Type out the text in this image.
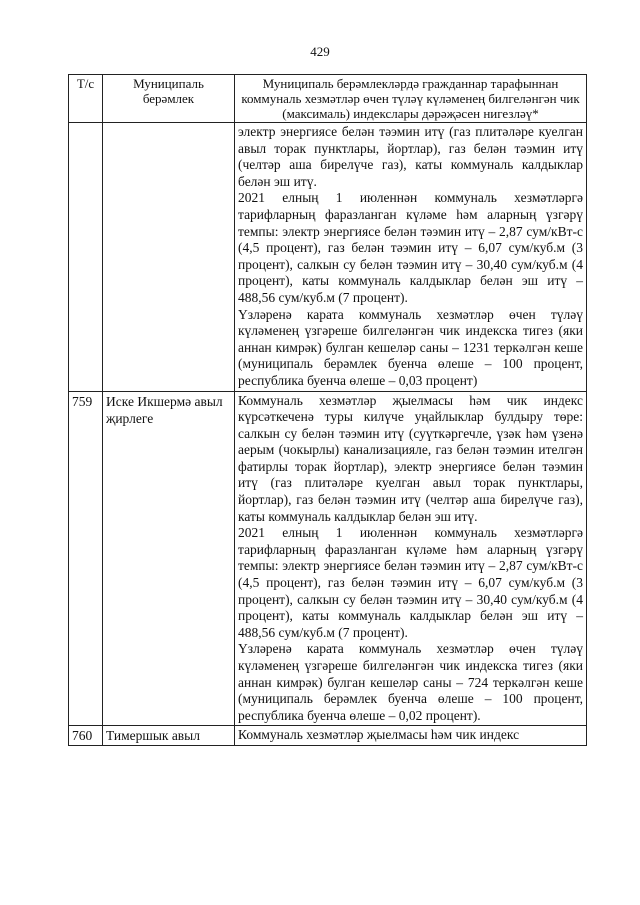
429
Т/с	Муниципаль берәмлек	Муниципаль берәмлекләрдә гражданнар тарафыннан коммуналь хезмәтләр өчен түләү күләменең билгеләнгән чик (максималь) индекслары дәрәҗәсен нигезләү*

		электр энергиясе белән тәэмин итү (газ плитәләре куелган авыл торак пунктлары, йортлар), газ белән тәэмин итү (челтәр аша бирелүче газ), каты коммуналь калдыклар белән эш итү.
2021 елның 1 июленнән коммуналь хезмәтләргә тарифларның фаразланган күләме һәм аларның үзгәрү темпы: электр энергиясе белән тәэмин итү – 2,87 сум/кВт-с (4,5 процент), газ белән тәэмин итү – 6,07 сум/куб.м (3 процент), салкын су белән тәэмин итү – 30,40 сум/куб.м (4 процент), каты коммуналь калдыклар белән эш итү – 488,56 сум/куб.м (7 процент).
Үзләренә карата коммуналь хезмәтләр өчен түләү күләменең үзгәреше билгеләнгән чик индекска тигез (яки аннан кимрәк) булган кешеләр саны – 1231 теркәлгән кеше (муниципаль берәмлек буенча өлеше – 100 процент, республика буенча өлеше – 0,03 процент)

759	Иске Икшермә авыл җирлеге	Коммуналь хезмәтләр җыелмасы һәм чик индекс күрсәткеченә туры килүче уңайлыклар булдыру төре: салкын су белән тәэмин итү (суүткәргечле, үзәк һәм үзенә аерым (чокырлы) канализацияле, газ белән тәэмин ителгән фатирлы торак йортлар), электр энергиясе белән тәэмин итү (газ плитәләре куелган авыл торак пунктлары, йортлар), газ белән тәэмин итү (челтәр аша бирелүче газ), каты коммуналь калдыклар белән эш итү.
2021 елның 1 июленнән коммуналь хезмәтләргә тарифларның фаразланган күләме һәм аларның үзгәрү темпы: электр энергиясе белән тәэмин итү – 2,87 сум/кВт-с (4,5 процент), газ белән тәэмин итү – 6,07 сум/куб.м (3 процент), салкын су белән тәэмин итү – 30,40 сум/куб.м (4 процент), каты коммуналь калдыклар белән эш итү – 488,56 сум/куб.м (7 процент).
Үзләренә карата коммуналь хезмәтләр өчен түләү күләменең үзгәреше билгеләнгән чик индекска тигез (яки аннан кимрәк) булган кешеләр саны – 724 теркәлгән кеше (муниципаль берәмлек буенча өлеше – 100 процент, республика буенча өлеше – 0,02 процент).

760	Тимершык авыл	Коммуналь хезмәтләр җыелмасы һәм чик индекс
